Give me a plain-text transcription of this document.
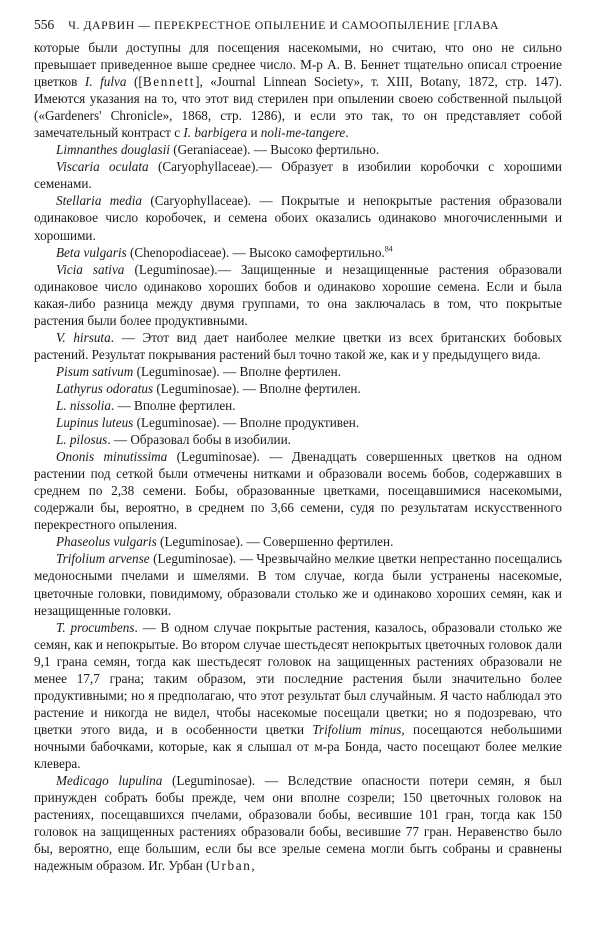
556 Ч. ДАРВИН — ПЕРЕКРЕСТНОЕ ОПЫЛЕНИЕ И САМООПЫЛЕНИЕ [ГЛАВА

которые были доступны для посещения насекомыми, но считаю, что оно не сильно превышает приведенное выше среднее число. М-р А. В. Беннет тщательно описал строение цветков I. fulva ([Bennett], «Journal Linnean Society», т. XIII, Botany, 1872, стр. 147). Имеются указания на то, что этот вид стерилен при опылении своею собственной пыльцой («Gardeners' Chronicle», 1868, стр. 1286), и если это так, то он представляет собой замечательный контраст с I. barbigera и noli-me-tangere.

Limnanthes douglasii (Geraniaceae). — Высоко фертильно.

Viscaria oculata (Caryophyllaceae).— Образует в изобилии коробочки с хорошими семенами.

Stellaria media (Caryophyllaceae). — Покрытые и непокрытые растения образовали одинаковое число коробочек, и семена обоих оказались одинаково многочисленными и хорошими.

Beta vulgaris (Chenopodiaceae). — Высоко самофертильно.$^{84}$

Vicia sativa (Leguminosae).— Защищенные и незащищенные растения образовали одинаковое число одинаково хороших бобов и одинаково хорошие семена. Если и была какая-либо разница между двумя группами, то она заключалась в том, что покрытые растения были более продуктивными.

V. hirsuta. — Этот вид дает наиболее мелкие цветки из всех британских бобовых растений. Результат покрывания растений был точно такой же, как и у предыдущего вида.

Pisum sativum (Leguminosae). — Вполне фертилен.

Lathyrus odoratus (Leguminosae). — Вполне фертилен.

L. nissolia. — Вполне фертилен.

Lupinus luteus (Leguminosae). — Вполне продуктивен.

L. pilosus. — Образовал бобы в изобилии.

Ononis minutissima (Leguminosae). — Двенадцать совершенных цветков на одном растении под сеткой были отмечены нитками и образовали восемь бобов, содержавших в среднем по 2,38 семени. Бобы, образованные цветками, посещавшимися насекомыми, содержали бы, вероятно, в среднем по 3,66 семени, судя по результатам искусственного перекрестного опыления.

Phaseolus vulgaris (Leguminosae). — Совершенно фертилен.

Trifolium arvense (Leguminosae). — Чрезвычайно мелкие цветки непрестанно посещались медоносными пчелами и шмелями. В том случае, когда были устранены насекомые, цветочные головки, повидимому, образовали столько же и одинаково хороших семян, как и незащищенные головки.

T. procumbens. — В одном случае покрытые растения, казалось, образовали столько же семян, как и непокрытые. Во втором случае шестьдесят непокрытых цветочных головок дали 9,1 грана семян, тогда как шестьдесят головок на защищенных растениях образовали не менее 17,7 грана; таким образом, эти последние растения были значительно более продуктивными; но я предполагаю, что этот результат был случайным. Я часто наблюдал это растение и никогда не видел, чтобы насекомые посещали цветки; но я подозреваю, что цветки этого вида, и в особенности цветки Trifolium minus, посещаются небольшими ночными бабочками, которые, как я слышал от м-ра Бонда, часто посещают более мелкие клевера.

Medicago lupulina (Leguminosae). — Вследствие опасности потери семян, я был принужден собрать бобы прежде, чем они вполне созрели; 150 цветочных головок на растениях, посещавшихся пчелами, образовали бобы, весившие 101 гран, тогда как 150 головок на защищенных растениях образовали бобы, весившие 77 гран. Неравенство было бы, вероятно, еще большим, если бы все зрелые семена могли быть собраны и сравнены надежным образом. Иг. Урбан (Urban,
